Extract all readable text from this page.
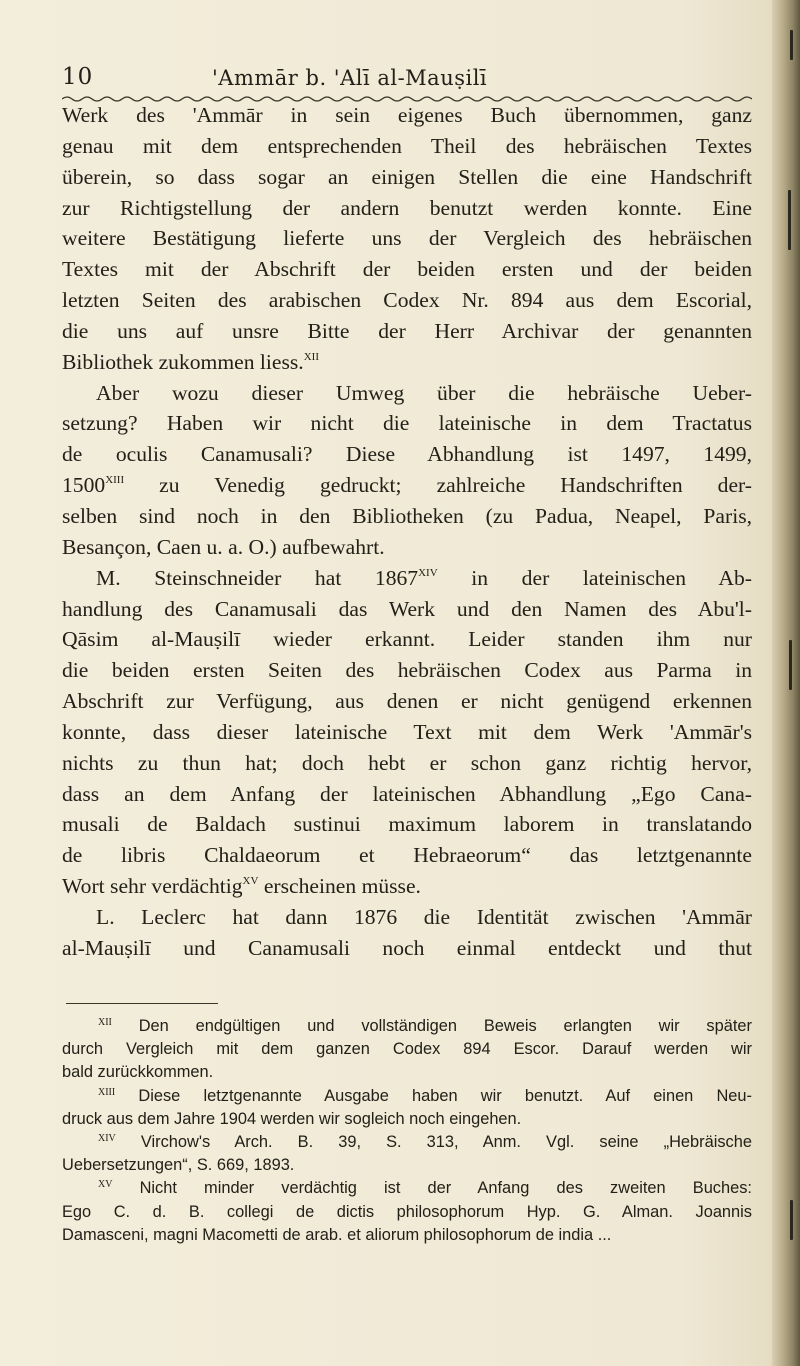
10	'Ammār b. 'Alī al-Mauṣilī
Werk des 'Ammār in sein eigenes Buch übernommen, ganz
genau mit dem entsprechenden Theil des hebräischen Textes
überein, so dass sogar an einigen Stellen die eine Handschrift
zur Richtigstellung der andern benutzt werden konnte. Eine
weitere Bestätigung lieferte uns der Vergleich des hebräischen
Textes mit der Abschrift der beiden ersten und der beiden
letzten Seiten des arabischen Codex Nr. 894 aus dem Escorial,
die uns auf unsre Bitte der Herr Archivar der genannten
Bibliothek zukommen liess.$^{XII}$
Aber wozu dieser Umweg über die hebräische Ueber-
setzung? Haben wir nicht die lateinische in dem Tractatus
de oculis Canamusali? Diese Abhandlung ist 1497, 1499,
$1500^{XIII}$ zu Venedig gedruckt; zahlreiche Handschriften der-
selben sind noch in den Bibliotheken (zu Padua, Neapel, Paris,
Besançon, Caen u. a. O.) aufbewahrt.
M. Steinschneider hat $1867^{XIV}$ in der lateinischen Ab-
handlung des Canamusali das Werk und den Namen des Abu'l-
Qāsim al-Mauṣilī wieder erkannt. Leider standen ihm nur
die beiden ersten Seiten des hebräischen Codex aus Parma in
Abschrift zur Verfügung, aus denen er nicht genügend erkennen
konnte, dass dieser lateinische Text mit dem Werk 'Ammār's
nichts zu thun hat; doch hebt er schon ganz richtig hervor,
dass an dem Anfang der lateinischen Abhandlung „Ego Cana-
musali de Baldach sustinui maximum laborem in translatando
de libris Chaldaeorum et Hebraeorum“ das letztgenannte
Wort sehr verdächtig$^{XV}$ erscheinen müsse.
L. Leclerc hat dann 1876 die Identität zwischen 'Ammār
al-Mauṣilī und Canamusali noch einmal entdeckt und thut
$^{XII}$ Den endgültigen und vollständigen Beweis erlangten wir später
durch Vergleich mit dem ganzen Codex 894 Escor. Darauf werden wir
bald zurückkommen.
$^{XIII}$ Diese letztgenannte Ausgabe haben wir benutzt. Auf einen Neu-
druck aus dem Jahre 1904 werden wir sogleich noch eingehen.
$^{XIV}$ Virchow's Arch. B. 39, S. 313, Anm. Vgl. seine „Hebräische
Uebersetzungen“, S. 669, 1893.
$^{XV}$ Nicht minder verdächtig ist der Anfang des zweiten Buches:
Ego C. d. B. collegi de dictis philosophorum Hyp. G. Alman. Joannis
Damasceni, magni Macometti de arab. et aliorum philosophorum de india ...
